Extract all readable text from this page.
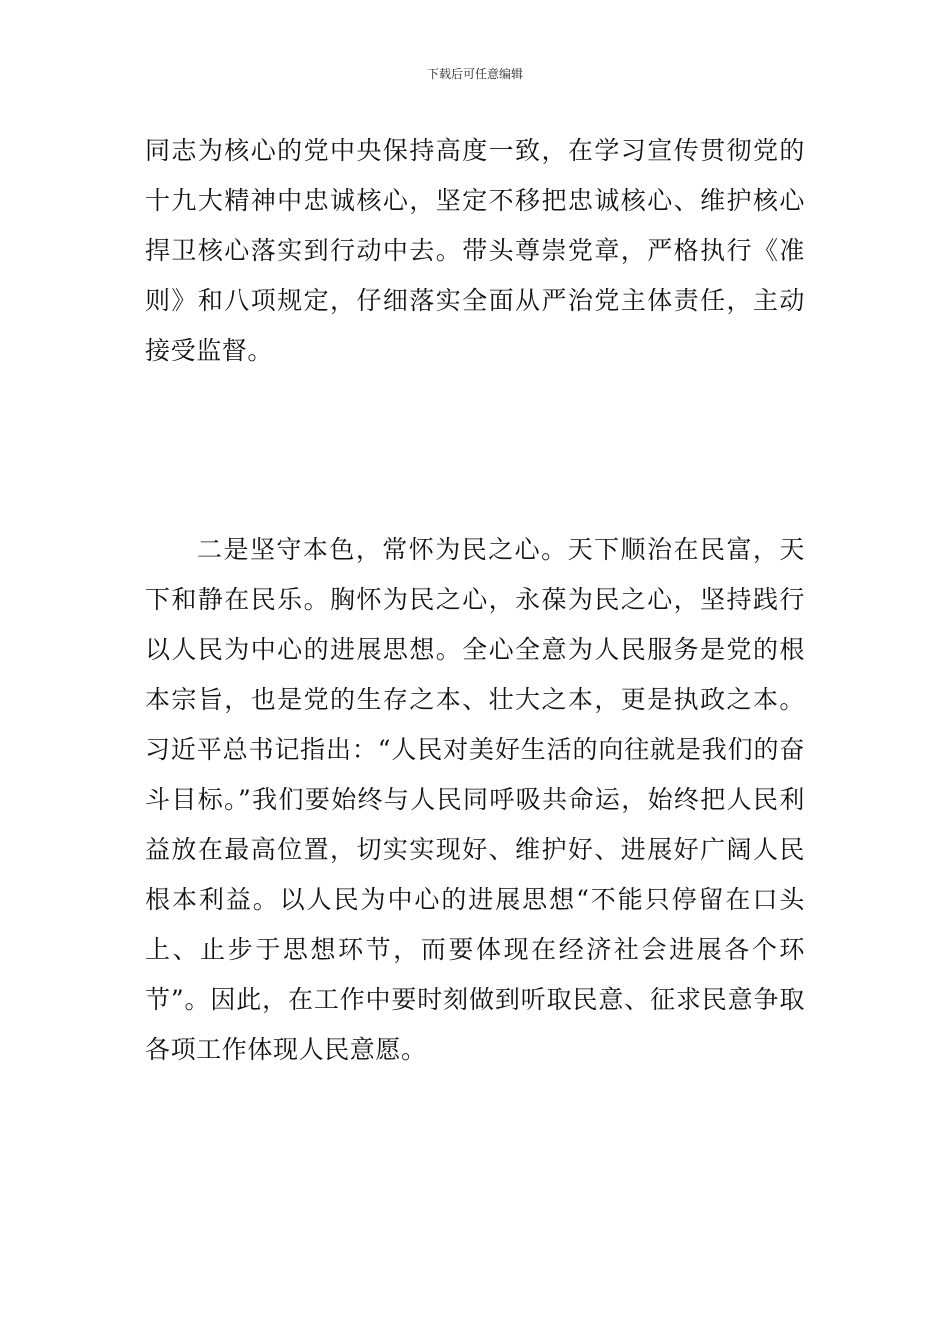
下载后可任意编辑

同志为核心的党中央保持高度一致，在学习宣传贯彻党的十九大精神中忠诚核心，坚定不移把忠诚核心、维护核心捍卫核心落实到行动中去。带头尊崇党章，严格执行《准则》和八项规定，仔细落实全面从严治党主体责任，主动接受监督。

二是坚守本色，常怀为民之心。天下顺治在民富，天下和静在民乐。胸怀为民之心，永葆为民之心，坚持践行以人民为中心的进展思想。全心全意为人民服务是党的根本宗旨，也是党的生存之本、壮大之本，更是执政之本。习近平总书记指出：“人民对美好生活的向往就是我们的奋斗目标。”我们要始终与人民同呼吸共命运，始终把人民利益放在最高位置，切实实现好、维护好、进展好广阔人民根本利益。以人民为中心的进展思想“不能只停留在口头上、止步于思想环节，而要体现在经济社会进展各个环节”。因此，在工作中要时刻做到听取民意、征求民意争取各项工作体现人民意愿。
